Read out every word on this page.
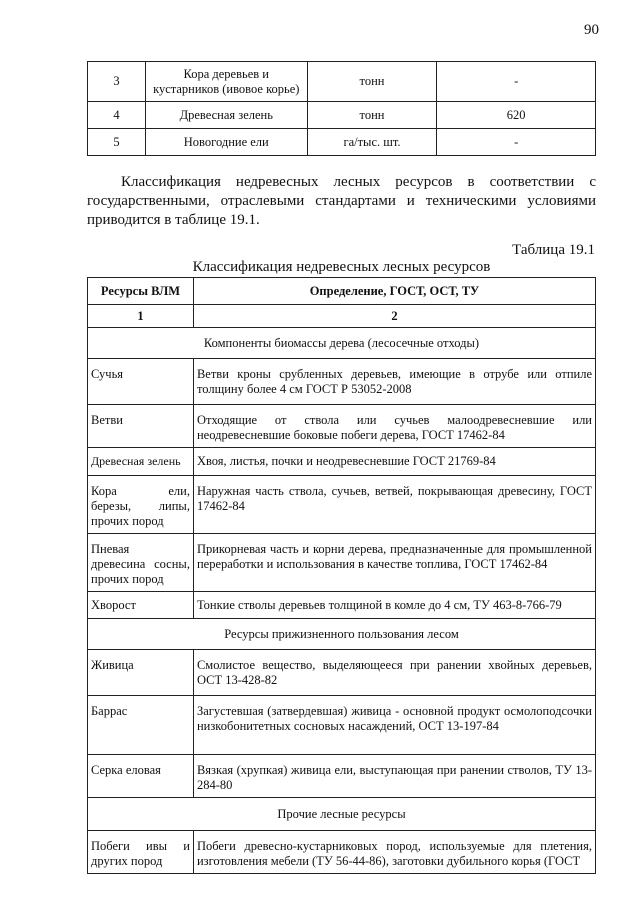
90
3	Кора деревьев и кустарников (ивовое корье)	тонн	-
4	Древесная зелень	тонн	620
5	Новогодние ели	га/тыс. шт.	-

Классификация недревесных лесных ресурсов в соответствии с государственными, отраслевыми стандартами и техническими условиями приводится в таблице 19.1.

Таблица 19.1
Классификация недревесных лесных ресурсов
Ресурсы ВЛМ	Определение, ГОСТ, ОСТ, ТУ
1	2
Компоненты биомассы дерева (лесосечные отходы)	
Сучья	Ветви кроны срубленных деревьев, имеющие в отрубе или отпиле толщину более 4 см ГОСТ Р 53052-2008
Ветви	Отходящие от ствола или сучьев малоодревесневшие или неодревесневшие боковые побеги дерева, ГОСТ 17462-84
Древесная зелень	Хвоя, листья, почки и неодревесневшие ГОСТ 21769-84

Кора ели,
березы, липы,
прочих пород	Наружная часть ствола, сучьев, ветвей, покрывающая древесину, ГОСТ 17462-84

Пневая
древесина сосны,
прочих пород	Прикорневая часть и корни дерева, предназначенные для промышленной переработки и использования в качестве топлива, ГОСТ 17462-84
Хворост	Тонкие стволы деревьев толщиной в комле до 4 см, ТУ 463-8-766-79
Ресурсы прижизненного пользования лесом	
Живица	Смолистое вещество, выделяющееся при ранении хвойных деревьев, ОСТ 13-428-82
Баррас	Загустевшая (затвердевшая) живица - основной продукт осмолоподсочки низкобонитетных сосновых насаждений, ОСТ 13-197-84
Серка еловая	Вязкая (хрупкая) живица ели, выступающая при ранении стволов, ТУ 13-284-80
Прочие лесные ресурсы	

Побеги ивы и
других пород	Побеги древесно-кустарниковых пород, используемые для плетения, изготовления мебели (ТУ 56-44-86), заготовки дубильного корья (ГОСТ
